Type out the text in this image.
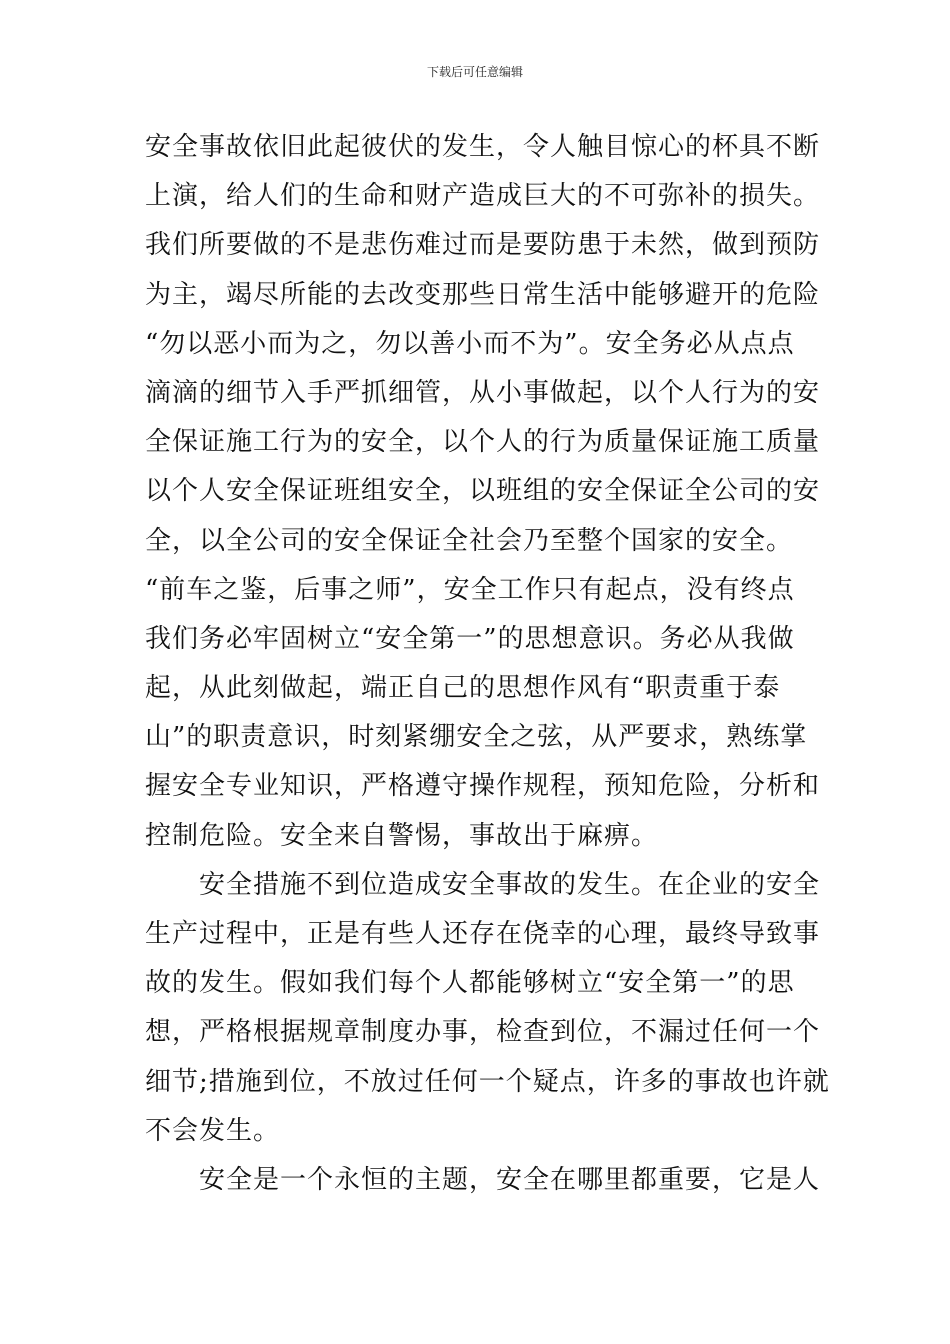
下载后可任意编辑
安全事故依旧此起彼伏的发生，令人触目惊心的杯具不断
上演，给人们的生命和财产造成巨大的不可弥补的损失。
我们所要做的不是悲伤难过而是要防患于未然，做到预防
为主，竭尽所能的去改变那些日常生活中能够避开的危险
“勿以恶小而为之，勿以善小而不为”。安全务必从点点
滴滴的细节入手严抓细管，从小事做起，以个人行为的安
全保证施工行为的安全，以个人的行为质量保证施工质量
以个人安全保证班组安全，以班组的安全保证全公司的安
全，以全公司的安全保证全社会乃至整个国家的安全。
“前车之鉴，后事之师”，安全工作只有起点，没有终点
我们务必牢固树立“安全第一”的思想意识。务必从我做
起，从此刻做起，端正自己的思想作风有“职责重于泰
山”的职责意识，时刻紧绷安全之弦，从严要求，熟练掌
握安全专业知识，严格遵守操作规程，预知危险，分析和
控制危险。安全来自警惕，事故出于麻痹。
安全措施不到位造成安全事故的发生。在企业的安全
生产过程中，正是有些人还存在侥幸的心理，最终导致事
故的发生。假如我们每个人都能够树立“安全第一”的思
想，严格根据规章制度办事，检查到位，不漏过任何一个
细节;措施到位，不放过任何一个疑点，许多的事故也许就
不会发生。
安全是一个永恒的主题，安全在哪里都重要，它是人
